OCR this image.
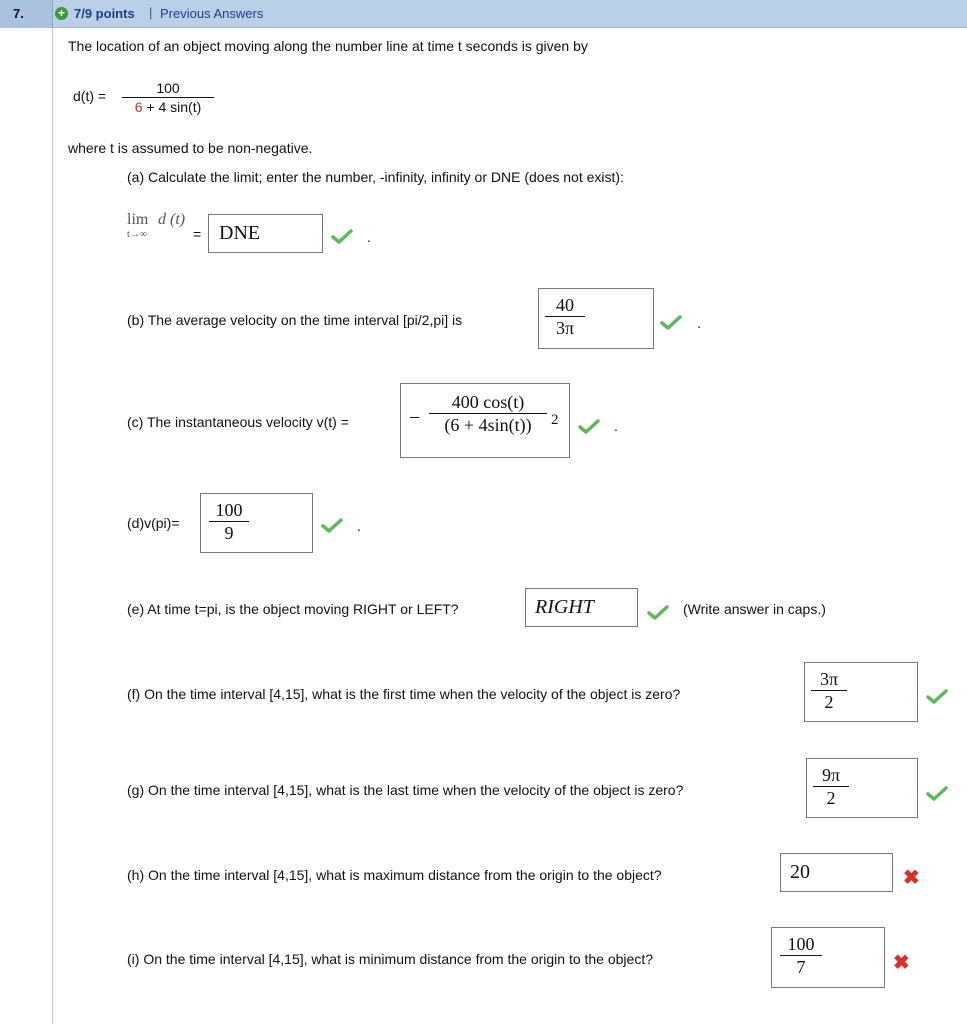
7.	+ 7/9 points | Previous Answers
The location of an object moving along the number line at time t seconds is given by
d(t) =	100
6 + 4 sin(t)
where t is assumed to be non-negative.
(a) Calculate the limit; enter the number, -infinity, infinity or DNE (does not exist):
lim d (t)
t→∞	= DNE	.
(b) The average velocity on the time interval [pi/2,pi] is
40
3π	.
(c) The instantaneous velocity v(t) =	−
400 cos(t)
(6 + 4sin(t))	2	.
(d)v(pi)=
100
9	.
(e) At time t=pi, is the object moving RIGHT or LEFT?	RIGHT	(Write answer in caps.)
(f) On the time interval [4,15], what is the first time when the velocity of the object is zero?
3π
2
(g) On the time interval [4,15], what is the last time when the velocity of the object is zero?
9π
2
(h) On the time interval [4,15], what is maximum distance from the origin to the object?	20	✖
(i) On the time interval [4,15], what is minimum distance from the origin to the object?
100
7	✖
